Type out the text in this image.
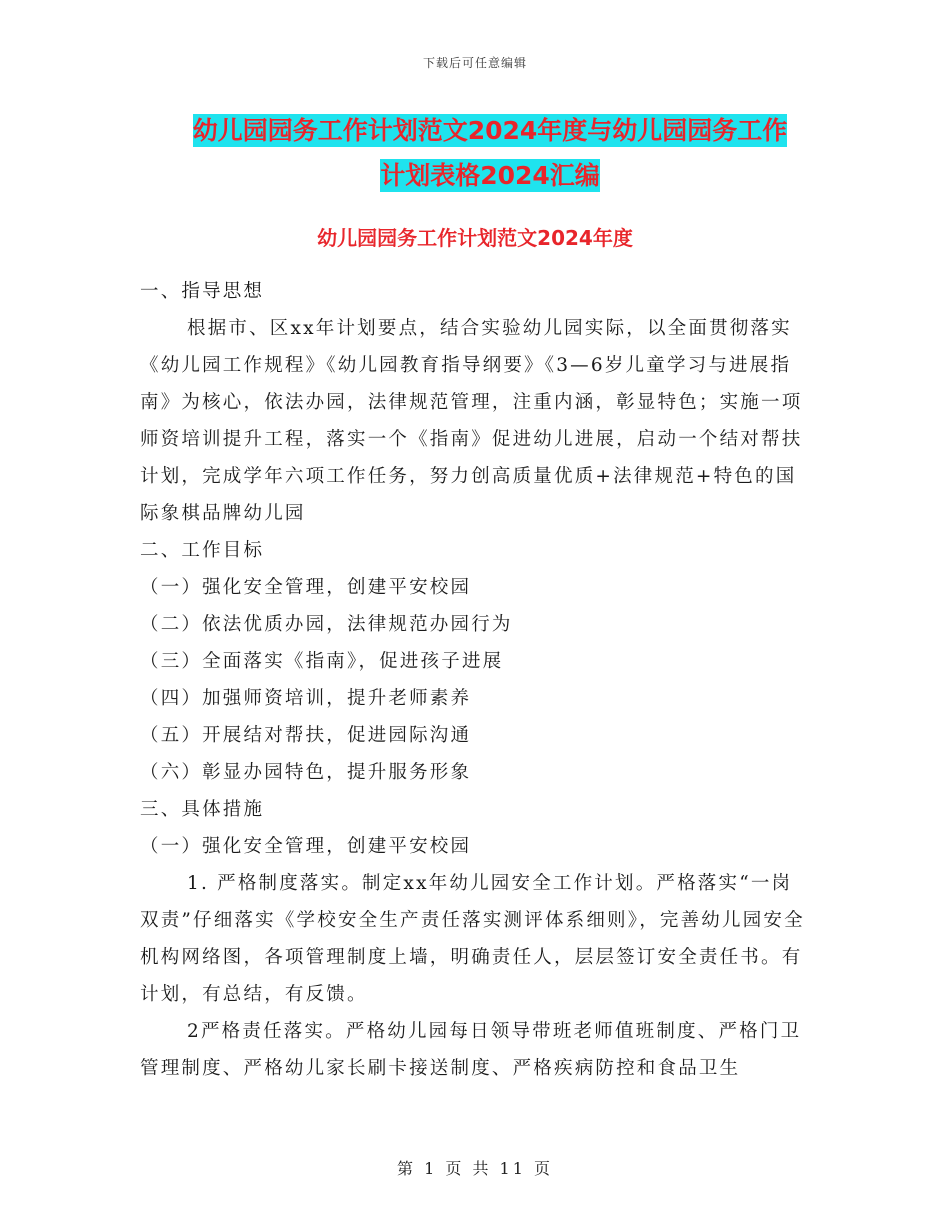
下载后可任意编辑
幼儿园园务工作计划范文2024年度与幼儿园园务工作
计划表格2024汇编
幼儿园园务工作计划范文2024年度

一、指导思想

根据市、区xx年计划要点，结合实验幼儿园实际，以全面贯彻落实《幼儿园工作规程》《幼儿园教育指导纲要》《3—6岁儿童学习与进展指南》为核心，依法办园，法律规范管理，注重内涵，彰显特色；实施一项师资培训提升工程，落实一个《指南》促进幼儿进展，启动一个结对帮扶计划，完成学年六项工作任务，努力创高质量优质+法律规范+特色的国际象棋品牌幼儿园

二、工作目标

（一）强化安全管理，创建平安校园

（二）依法优质办园，法律规范办园行为

（三）全面落实《指南》，促进孩子进展

（四）加强师资培训，提升老师素养

（五）开展结对帮扶，促进园际沟通

（六）彰显办园特色，提升服务形象

三、具体措施

（一）强化安全管理，创建平安校园

1. 严格制度落实。制定xx年幼儿园安全工作计划。严格落实“一岗双责”仔细落实《学校安全生产责任落实测评体系细则》，完善幼儿园安全机构网络图，各项管理制度上墙，明确责任人，层层签订安全责任书。有计划，有总结，有反馈。

2严格责任落实。严格幼儿园每日领导带班老师值班制度、严格门卫管理制度、严格幼儿家长刷卡接送制度、严格疾病防控和食品卫生

第 1 页 共 11 页
